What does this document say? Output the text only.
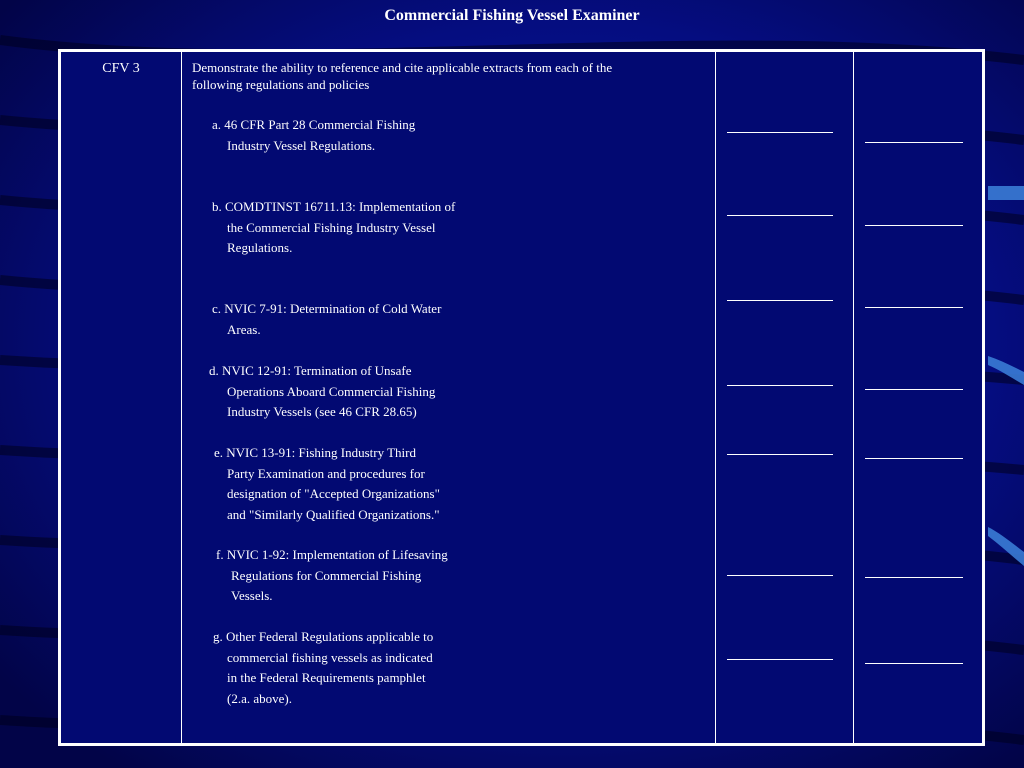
Commercial Fishing Vessel Examiner
CFV 3	Demonstrate the ability to reference and cite applicable extracts from each of the
following regulations and policies
a. 46 CFR Part 28 Commercial Fishing
Industry Vessel Regulations.
b. COMDTINST 16711.13: Implementation of
the Commercial Fishing Industry Vessel
Regulations.
c. NVIC 7-91: Determination of Cold Water
Areas.
d. NVIC 12-91: Termination of Unsafe
Operations Aboard Commercial Fishing
Industry Vessels (see 46 CFR 28.65)
e. NVIC 13-91: Fishing Industry Third
Party Examination and procedures for
designation of "Accepted Organizations"
and "Similarly Qualified Organizations."
f. NVIC 1-92: Implementation of Lifesaving
Regulations for Commercial Fishing
Vessels.
g. Other Federal Regulations applicable to
commercial fishing vessels as indicated
in the Federal Requirements pamphlet
(2.a. above).
